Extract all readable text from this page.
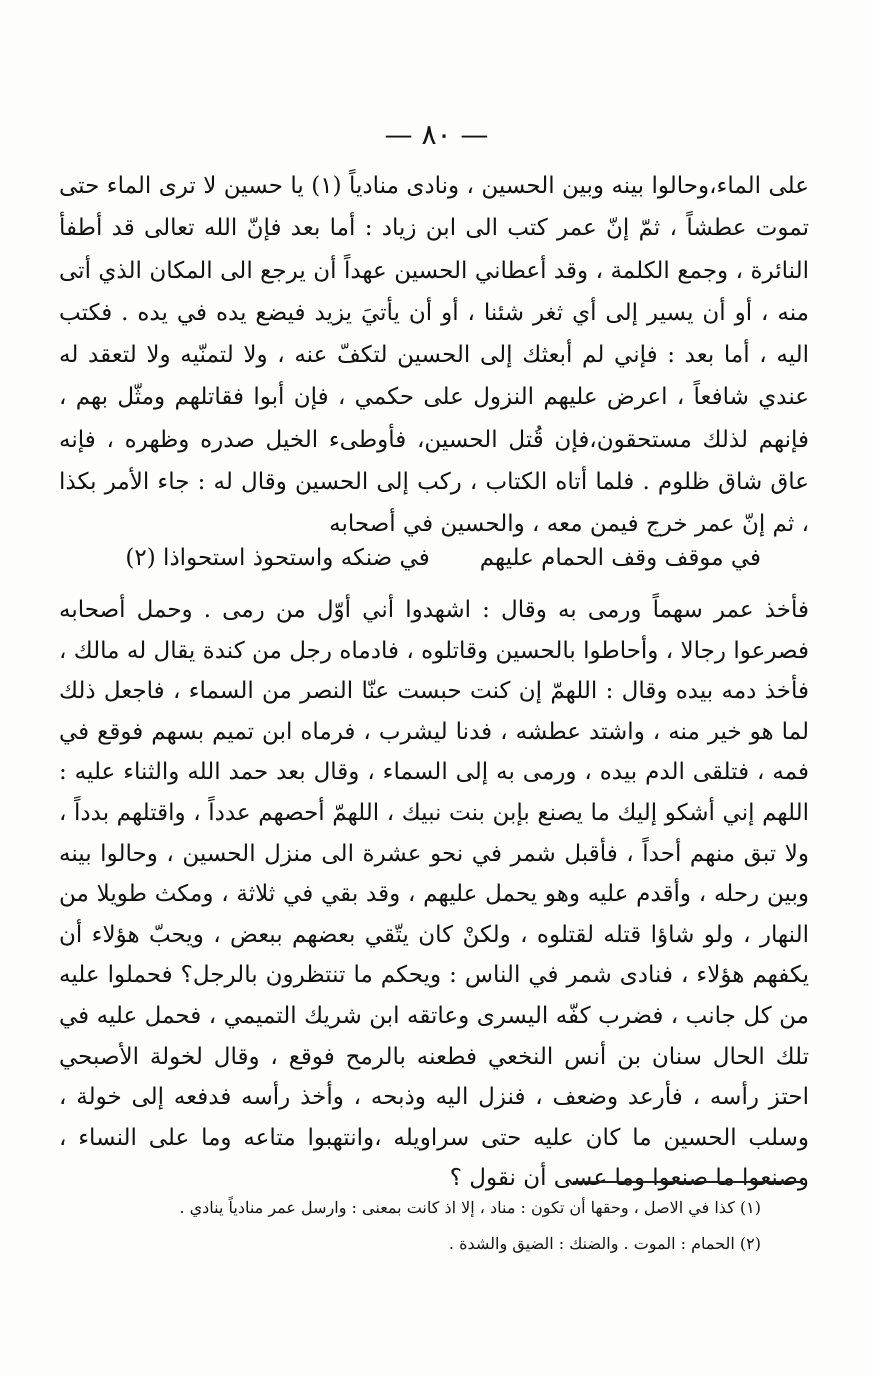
— ٨٠ —

على الماء،وحالوا بينه وبين الحسين ، ونادى منادياً (١) يا حسين لا ترى الماء حتى تموت عطشاً ، ثمّ إنّ عمر كتب الى ابن زياد : أما بعد فإنّ الله تعالى قد أطفأ النائرة ، وجمع الكلمة ، وقد أعطاني الحسين عهداً أن يرجع الى المكان الذي أتى منه ، أو أن يسير إلى أي ثغر شئنا ، أو أن يأتيَ يزيد فيضع يده في يده . فكتب اليه ، أما بعد : فإني لم أبعثك إلى الحسين لتكفّ عنه ، ولا لتمنّيه ولا لتعقد له عندي شافعاً ، اعرض عليهم النزول على حكمي ، فإن أبوا فقاتلهم ومثّل بهم ، فإنهم لذلك مستحقون،فإن قُتل الحسين، فأوطىء الخيل صدره وظهره ، فإنه عاق شاق ظلوم . فلما أتاه الكتاب ، ركب إلى الحسين وقال له : جاء الأمر بكذا ، ثم إنّ عمر خرج فيمن معه ، والحسين في أصحابه

في موقف وقف الحمام عليهم
في ضنكه واستحوذ استحواذا (٢)

فأخذ عمر سهماً ورمى به وقال : اشهدوا أني أوّل من رمى . وحمل أصحابه فصرعوا رجالا ، وأحاطوا بالحسين وقاتلوه ، فادماه رجل من كندة يقال له مالك ، فأخذ دمه بيده وقال : اللهمّ إن كنت حبست عنّا النصر من السماء ، فاجعل ذلك لما هو خير منه ، واشتد عطشه ، فدنا ليشرب ، فرماه ابن تميم بسهم فوقع في فمه ، فتلقى الدم بيده ، ورمى به إلى السماء ، وقال بعد حمد الله والثناء عليه : اللهم إني أشكو إليك ما يصنع بإبن بنت نبيك ، اللهمّ أحصهم عدداً ، واقتلهم بدداً ، ولا تبق منهم أحداً ، فأقبل شمر في نحو عشرة الى منزل الحسين ، وحالوا بينه وبين رحله ، وأقدم عليه وهو يحمل عليهم ، وقد بقي في ثلاثة ، ومكث طويلا من النهار ، ولو شاؤا قتله لقتلوه ، ولكنْ كان يتّقي بعضهم ببعض ، ويحبّ هؤلاء أن يكفهم هؤلاء ، فنادى شمر في الناس : ويحكم ما تنتظرون بالرجل؟ فحملوا عليه من كل جانب ، فضرب كفّه اليسرى وعاتقه ابن شريك التميمي ، فحمل عليه في تلك الحال سنان بن أنس النخعي فطعنه بالرمح فوقع ، وقال لخولة الأصبحي احتز رأسه ، فأرعد وضعف ، فنزل اليه وذبحه ، وأخذ رأسه فدفعه إلى خولة ، وسلب الحسين ما كان عليه حتى سراويله ،وانتهبوا متاعه وما على النساء ، وصنعوا ما صنعوا وما عسى أن نقول ؟

(١) كذا في الاصل ، وحقها أن تكون : مناد ، إلا اذ كانت بمعنى : وارسل عمر منادياً ينادي .

(٢) الحمام : الموت . والضنك : الضيق والشدة .
